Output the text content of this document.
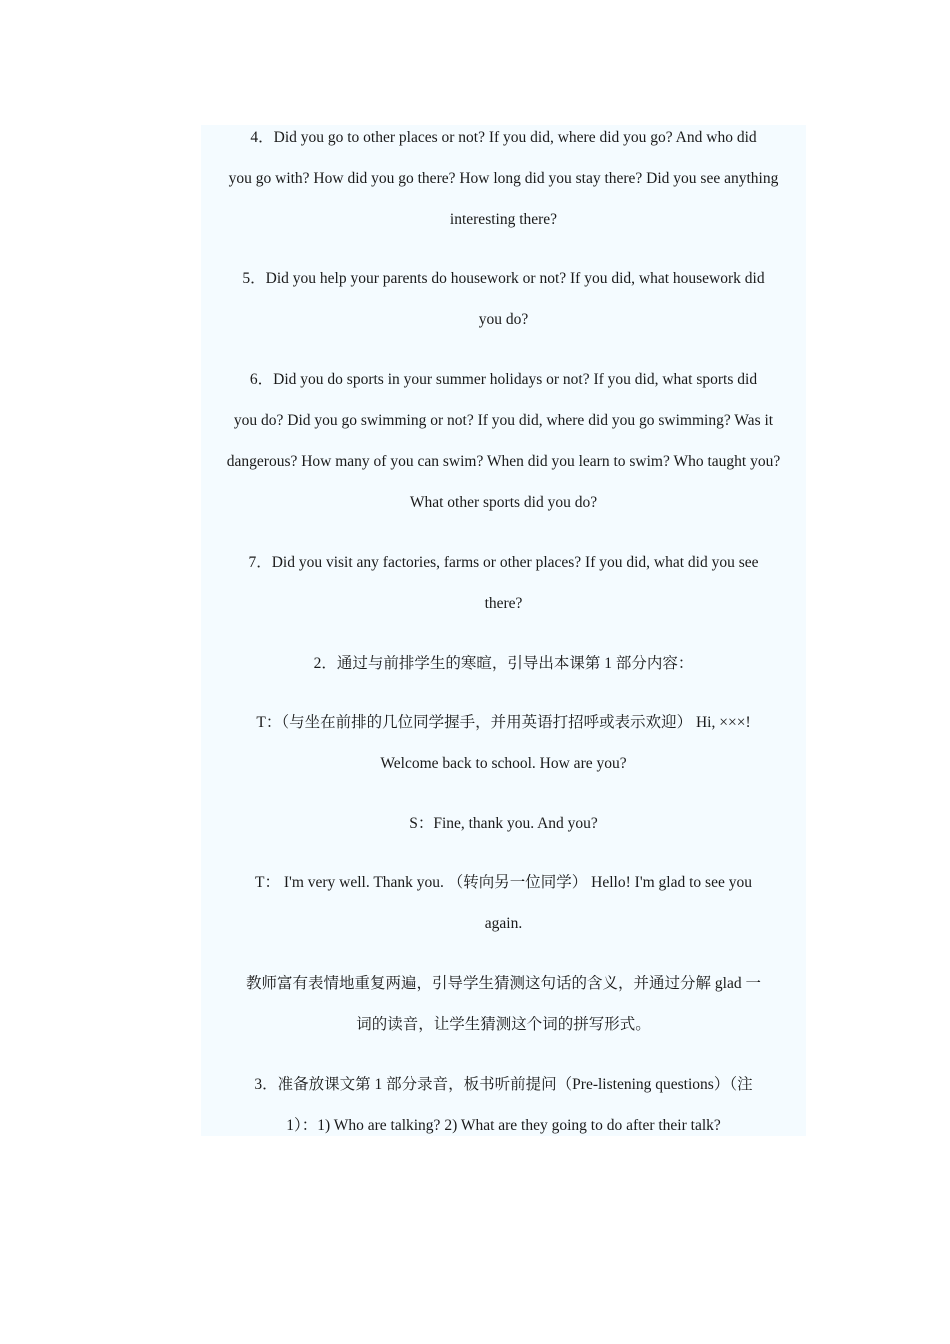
4．Did you go to other places or not? If you did, where did you go? And who did
you go with? How did you go there? How long did you stay there? Did you see anything
interesting there?
5．Did you help your parents do housework or not? If you did, what housework did
you do?
6．Did you do sports in your summer holidays or not? If you did, what sports did
you do? Did you go swimming or not? If you did, where did you go swimming? Was it
dangerous? How many of you can swim? When did you learn to swim? Who taught you?
What other sports did you do?
7．Did you visit any factories, farms or other places? If you did, what did you see
there?
2．通过与前排学生的寒暄，引导出本课第 1 部分内容：
T：（与坐在前排的几位同学握手，并用英语打招呼或表示欢迎） Hi, ×××!
Welcome back to school. How are you?
S：Fine, thank you. And you?
T： I'm very well. Thank you. （转向另一位同学） Hello! I'm glad to see you
again.
教师富有表情地重复两遍，引导学生猜测这句话的含义，并通过分解 glad 一
词的读音，让学生猜测这个词的拼写形式。
3．准备放课文第 1 部分录音，板书听前提问（Pre-listening questions）（注
1）：1) Who are talking? 2) What are they going to do after their talk?
